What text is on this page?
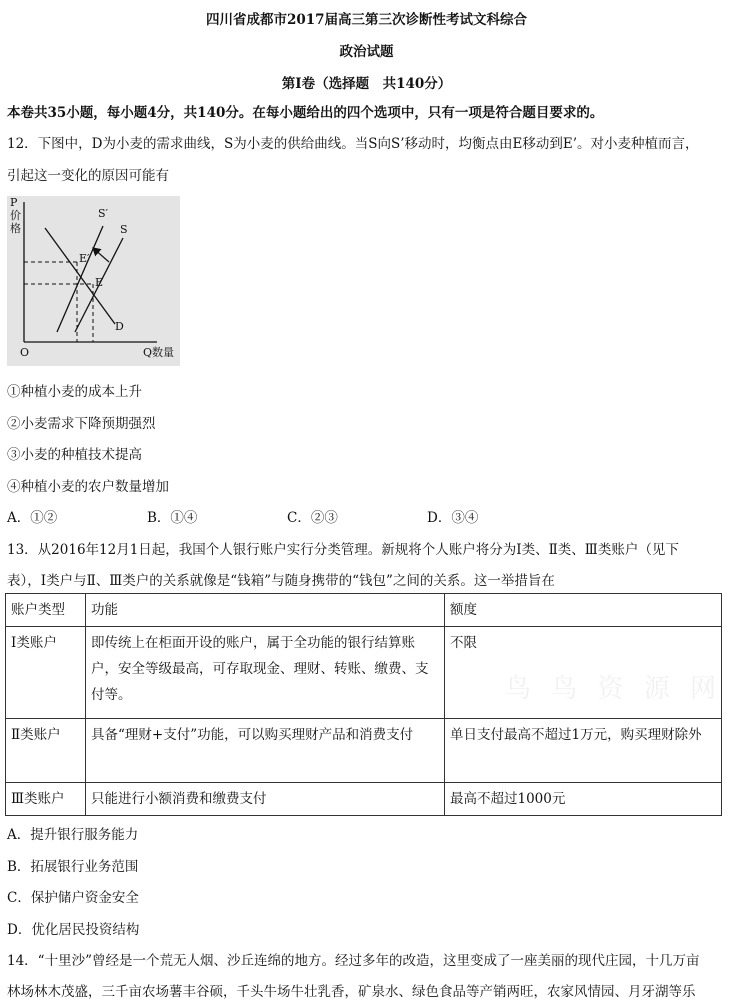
四川省成都市2017届高三第三次诊断性考试文科综合
政治试题
第Ⅰ卷（选择题　共140分）
本卷共35小题，每小题4分，共140分。在每小题给出的四个选项中，只有一项是符合题目要求的。
12．下图中，D为小麦的需求曲线，S为小麦的供给曲线。当S向S’移动时，均衡点由E移动到E’。对小麦种植而言，
引起这一变化的原因可能有
P
价
格
O	Q数量
S′
S
D
E′
E
①种植小麦的成本上升
②小麦需求下降预期强烈
③小麦的种植技术提高
④种植小麦的农户数量增加
A．①②	B．①④	C．②③	D．③④
13．从2016年12月1日起，我国个人银行账户实行分类管理。新规将个人账户将分为Ⅰ类、Ⅱ类、Ⅲ类账户（见下
表），Ⅰ类户与Ⅱ、Ⅲ类户的关系就像是“钱箱”与随身携带的“钱包”之间的关系。这一举措旨在
鸟 鸟 资 源 网
账户类型	功能	额度
Ⅰ类账户	即传统上在柜面开设的账户，属于全功能的银行结算账户，安全等级最高，可存取现金、理财、转账、缴费、支付等。	不限
Ⅱ类账户	具备“理财+支付”功能，可以购买理财产品和消费支付	单日支付最高不超过1万元，购买理财除外
Ⅲ类账户	只能进行小额消费和缴费支付	最高不超过1000元
A．提升银行服务能力
B．拓展银行业务范围
C．保护储户资金安全
D．优化居民投资结构
14．“十里沙”曾经是一个荒无人烟、沙丘连绵的地方。经过多年的改造，这里变成了一座美丽的现代庄园，十几万亩
林场林木茂盛，三千亩农场薯丰谷硕，千头牛场牛壮乳香，矿泉水、绿色食品等产销两旺，农家风情园、月牙湖等乐
